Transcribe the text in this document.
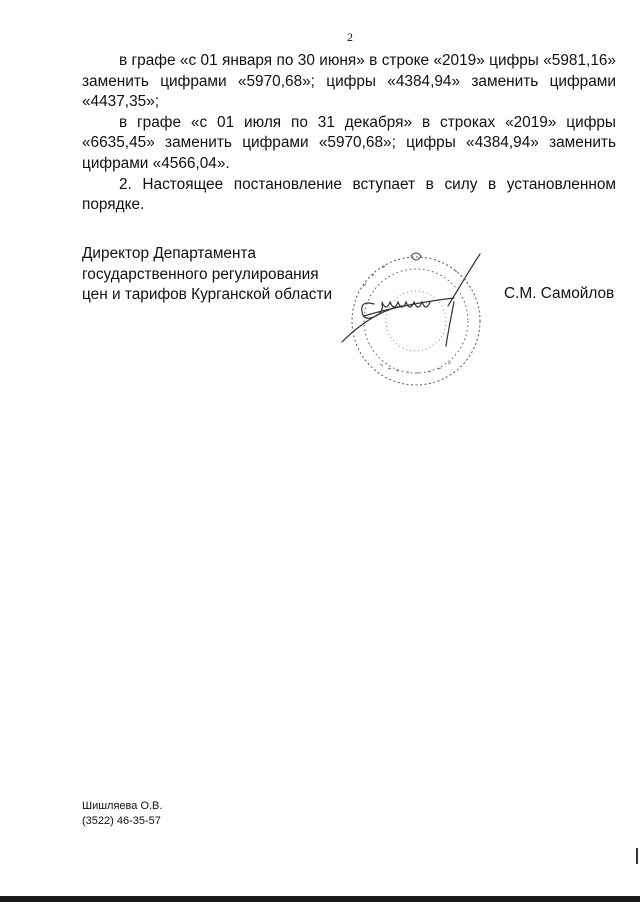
2

в графе «с 01 января по 30 июня» в строке «2019» цифры «5981,16» заменить цифрами «5970,68»; цифры «4384,94» заменить цифрами «4437,35»;

в графе «с 01 июля по 31 декабря» в строках «2019» цифры «6635,45» заменить цифрами «5970,68»; цифры «4384,94» заменить цифрами «4566,04».

2. Настоящее постановление вступает в силу в установленном порядке.

Директор Департамента
государственного регулирования
цен и тарифов Курганской области	С.М. Самойлов
Шишляева О.В.
(3522) 46-35-57
